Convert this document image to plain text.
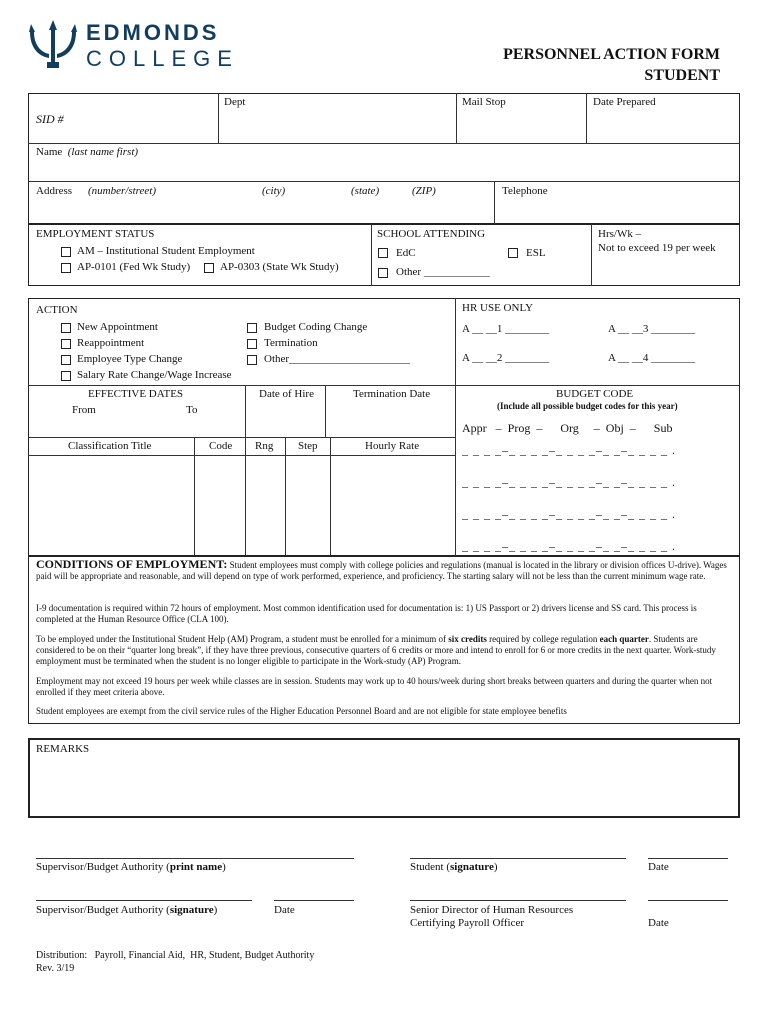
EDMONDS
COLLEGE	PERSONNEL ACTION FORM
STUDENT
SID #
Dept	Mail Stop	Date Prepared
Name (last name first)
Address (number/street)	(city)	(state)	(ZIP)	Telephone
EMPLOYMENT STATUS
AM – Institutional Student Employment
AP-0101 (Fed Wk Study)	AP-0303 (State Wk Study)
SCHOOL ATTENDING
EdC	ESL
Other ____________
Hrs/Wk –
Not to exceed 19 per week
ACTION
New Appointment
Reappointment
Employee Type Change
Salary Rate Change/Wage Increase
Budget Coding Change
Termination
Other______________________
HR USE ONLY
A __ __1 ________	A __ __3 ________
A __ __2 ________	A __ __4 ________
EFFECTIVE DATES
From	To
Date of Hire	Termination Date	BUDGET CODE
(Include all possible budget codes for this year)
Appr   –  Prog  –      Org     –  Obj  –      Sub
_ _ _ _–_ _ _ _–_ _ _ _–_ _–_ _ _ _ .
_ _ _ _–_ _ _ _–_ _ _ _–_ _–_ _ _ _ .
_ _ _ _–_ _ _ _–_ _ _ _–_ _–_ _ _ _ .
_ _ _ _–_ _ _ _–_ _ _ _–_ _–_ _ _ _ .
Classification Title	Code Rng Step	Hourly Rate
CONDITIONS OF EMPLOYMENT: Student employees must comply with college policies and regulations (manual is located in the library or division offices U-drive). Wages paid will be appropriate and reasonable, and will depend on type of work performed, experience, and proficiency. The starting salary will not be less than the current minimum wage rate.
I-9 documentation is required within 72 hours of employment. Most common identification used for documentation is: 1) US Passport or 2) drivers license and SS card. This process is completed at the Human Resource Office (CLA 100).
To be employed under the Institutional Student Help (AM) Program, a student must be enrolled for a minimum of six credits required by college regulation each quarter. Students are considered to be on their “quarter long break”, if they have three previous, consecutive quarters of 6 credits or more and intend to enroll for 6 or more credits in the next quarter. Work-study employment must be terminated when the student is no longer eligible to participate in the Work-study (AP) Program.
Employment may not exceed 19 hours per week while classes are in session. Students may work up to 40 hours/week during short breaks between quarters and during the quarter when not enrolled if they meet criteria above.
Student employees are exempt from the civil service rules of the Higher Education Personnel Board and are not eligible for state employee benefits
REMARKS
Supervisor/Budget Authority (print name)	Student (signature)	Date
Supervisor/Budget Authority (signature)	Date	Senior Director of Human Resources
Certifying Payroll Officer	Date
Distribution:   Payroll, Financial Aid,  HR, Student, Budget Authority
Rev. 3/19
